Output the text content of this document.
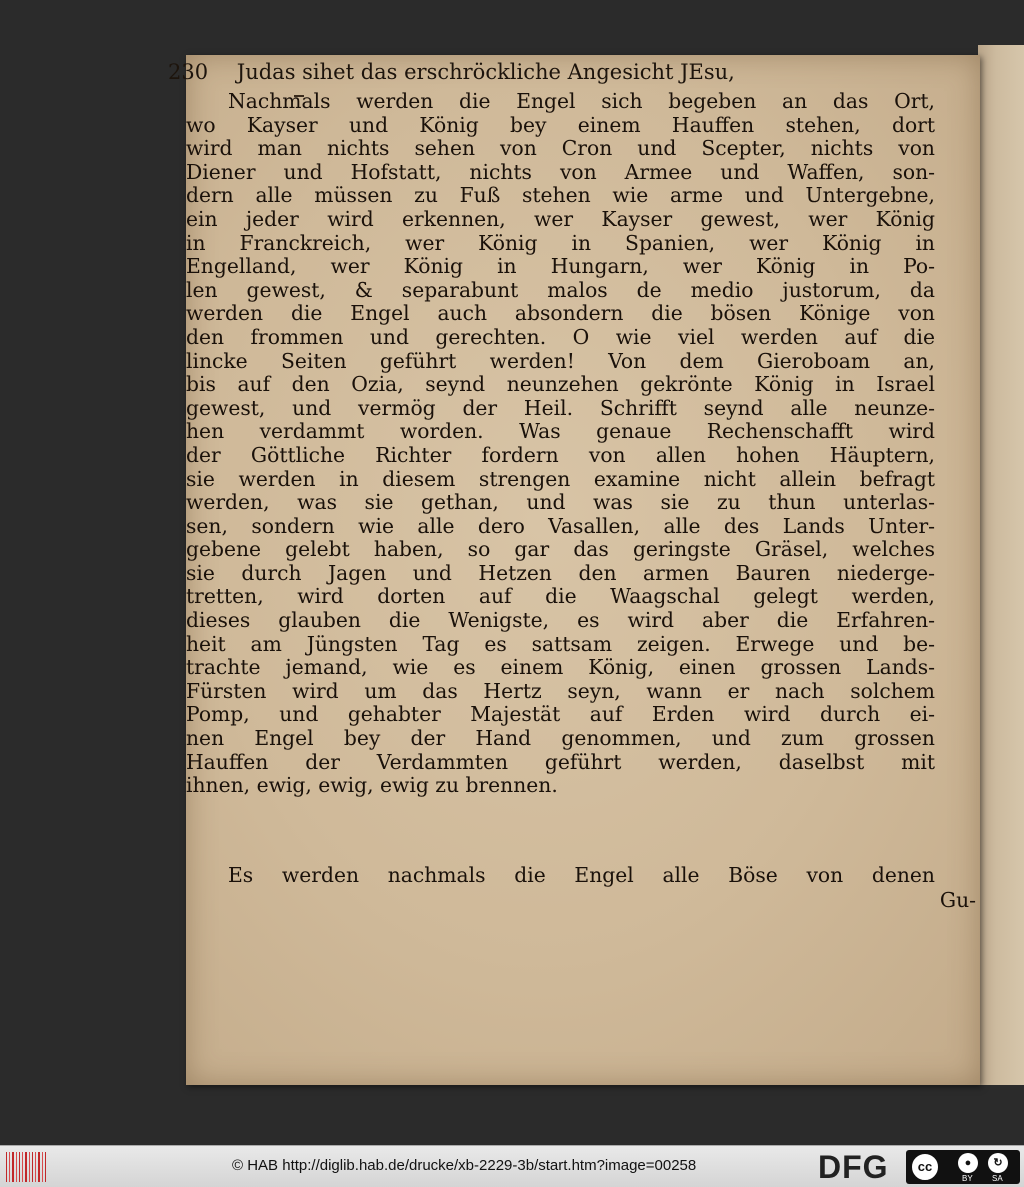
230 Judas sihet das erschröckliche Angesicht JEsu,
Nachmals werden die Engel sich begeben an das Ort,
wo Kayser und König bey einem Hauffen stehen, dort
wird man nichts sehen von Cron und Scepter, nichts von
Diener und Hofstatt, nichts von Armee und Waffen, son-
dern alle müssen zu Fuß stehen wie arme und Untergebne,
ein jeder wird erkennen, wer Kayser gewest, wer König
in Franckreich, wer König in Spanien, wer König in
Engelland, wer König in Hungarn, wer König in Po-
len gewest, & separabunt malos de medio justorum, da
werden die Engel auch absondern die bösen Könige von
den frommen und gerechten. O wie viel werden auf die
lincke Seiten geführt werden! Von dem Gieroboam an,
bis auf den Ozia, seynd neunzehen gekrönte König in Israel
gewest, und vermög der Heil. Schrifft seynd alle neunze-
hen verdammt worden. Was genaue Rechenschafft wird
der Göttliche Richter fordern von allen hohen Häuptern,
sie werden in diesem strengen examine nicht allein befragt
werden, was sie gethan, und was sie zu thun unterlas-
sen, sondern wie alle dero Vasallen, alle des Lands Unter-
gebene gelebt haben, so gar das geringste Gräsel, welches
sie durch Jagen und Hetzen den armen Bauren niederge-
tretten, wird dorten auf die Waagschal gelegt werden,
dieses glauben die Wenigste, es wird aber die Erfahren-
heit am Jüngsten Tag es sattsam zeigen. Erwege und be-
trachte jemand, wie es einem König, einen grossen Lands-
Fürsten wird um das Hertz seyn, wann er nach solchem
Pomp, und gehabter Majestät auf Erden wird durch ei-
nen Engel bey der Hand genommen, und zum grossen
Hauffen der Verdammten geführt werden, daselbst mit
ihnen, ewig, ewig, ewig zu brennen.
Es werden nachmals die Engel alle Böse von denen
Gu-
© HAB http://diglib.hab.de/drucke/xb-2229-3b/start.htm?image=00258	DFG	cc	●	↻
BY SA
